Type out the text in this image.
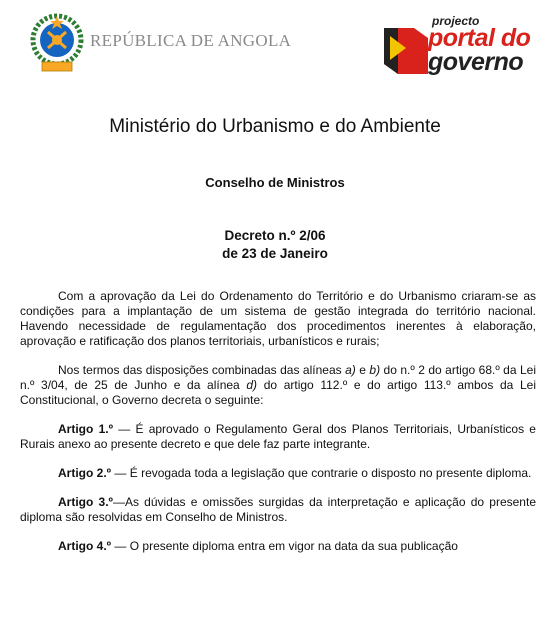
REPÚBLICA DE ANGOLA
projecto
portal do
governo
Ministério do Urbanismo e do Ambiente
Conselho de Ministros
Decreto n.º 2/06
de 23 de Janeiro

Com a aprovação da Lei do Ordenamento do Território e do Urbanismo criaram-se as condições para a implantação de um sistema de gestão integrada do território nacional. Havendo necessidade de regulamentação dos procedimentos inerentes à elaboração, aprovação e ratificação dos planos territoriais, urbanísticos e rurais;

Nos termos das disposições combinadas das alíneas a) e b) do n.º 2 do artigo 68.º da Lei n.º 3/04, de 25 de Junho e da alínea d) do artigo 112.º e do artigo 113.º ambos da Lei Constitucional, o Governo decreta o seguinte:

Artigo 1.º — É aprovado o Regulamento Geral dos Planos Territoriais, Urbanísticos e Rurais anexo ao presente decreto e que dele faz parte integrante.

Artigo 2.º — É revogada toda a legislação que contrarie o disposto no presente diploma.

Artigo 3.º—As dúvidas e omissões surgidas da interpretação e aplicação do presente diploma são resolvidas em Conselho de Ministros.

Artigo 4.º — O presente diploma entra em vigor na data da sua publicação
